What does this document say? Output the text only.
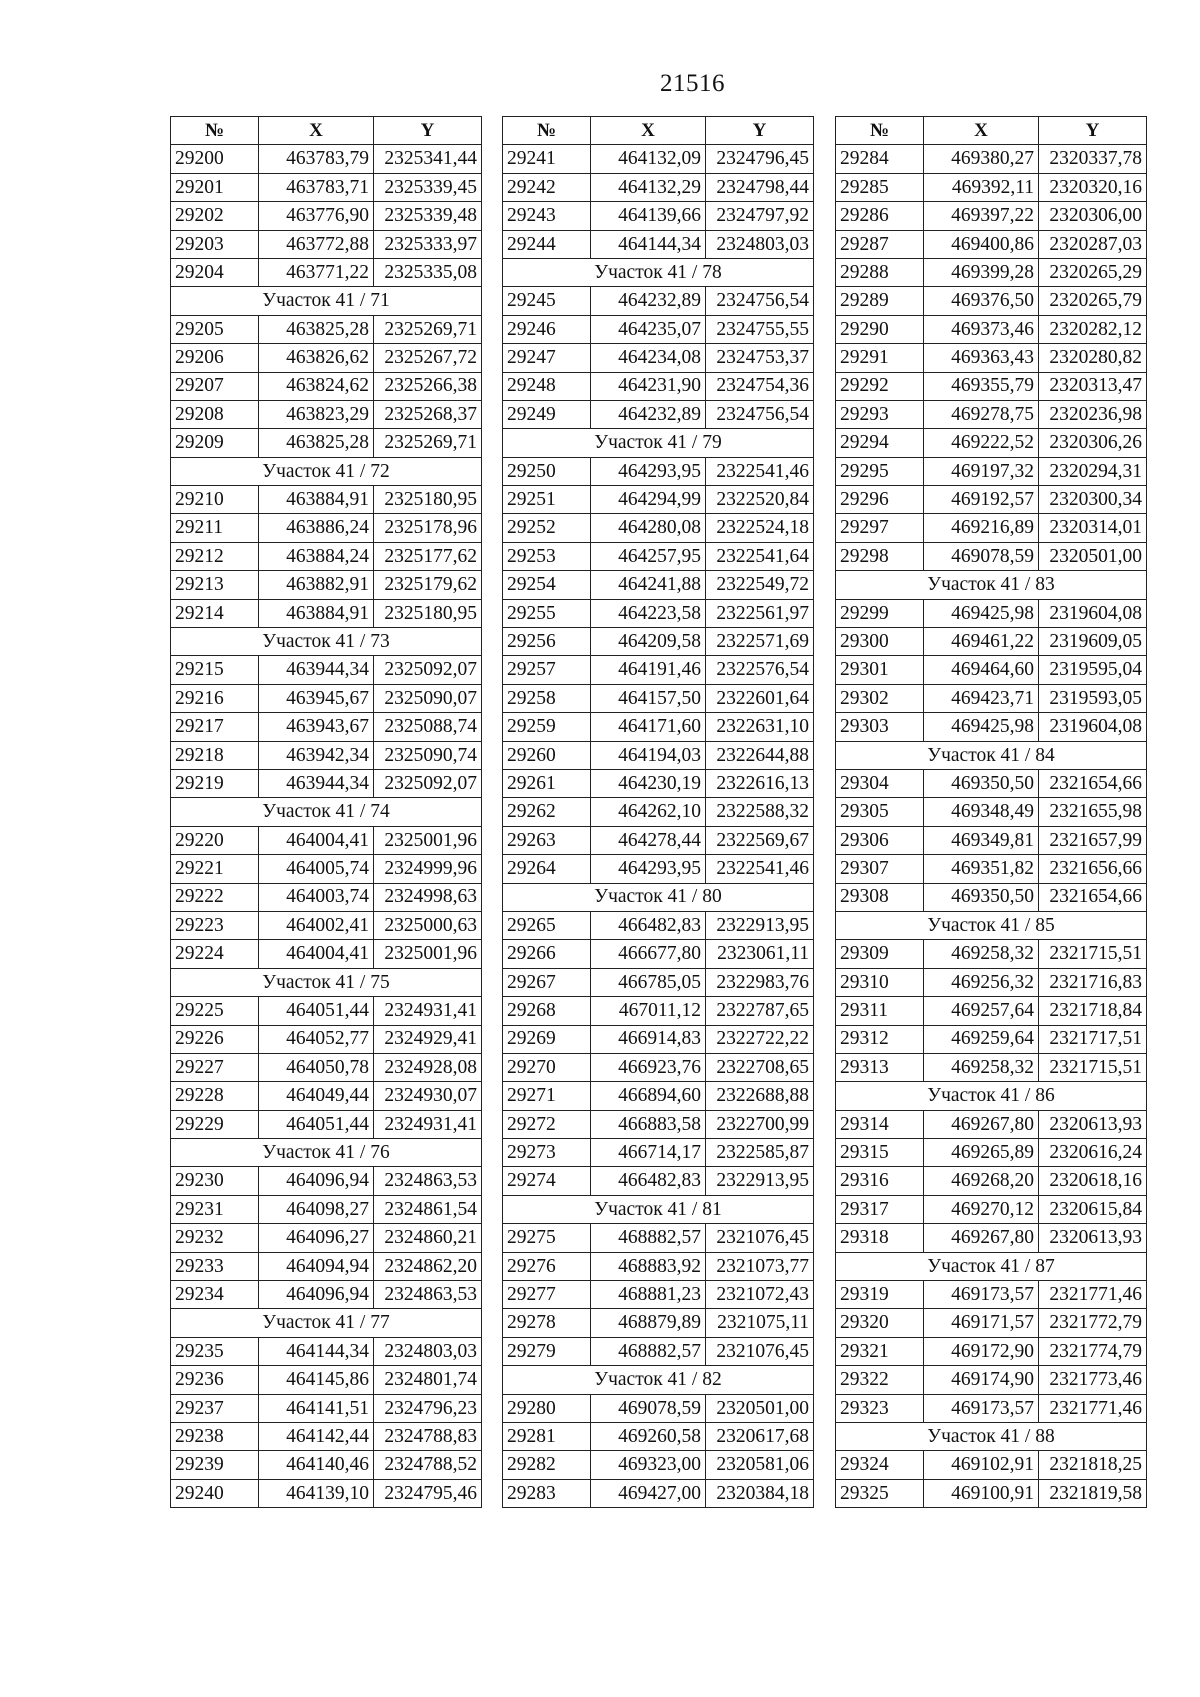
21516
№	X	Y
29200	463783,79	2325341,44
29201	463783,71	2325339,45
29202	463776,90	2325339,48
29203	463772,88	2325333,97
29204	463771,22	2325335,08
Участок 41 / 71		
29205	463825,28	2325269,71
29206	463826,62	2325267,72
29207	463824,62	2325266,38
29208	463823,29	2325268,37
29209	463825,28	2325269,71
Участок 41 / 72		
29210	463884,91	2325180,95
29211	463886,24	2325178,96
29212	463884,24	2325177,62
29213	463882,91	2325179,62
29214	463884,91	2325180,95
Участок 41 / 73		
29215	463944,34	2325092,07
29216	463945,67	2325090,07
29217	463943,67	2325088,74
29218	463942,34	2325090,74
29219	463944,34	2325092,07
Участок 41 / 74		
29220	464004,41	2325001,96
29221	464005,74	2324999,96
29222	464003,74	2324998,63
29223	464002,41	2325000,63
29224	464004,41	2325001,96
Участок 41 / 75		
29225	464051,44	2324931,41
29226	464052,77	2324929,41
29227	464050,78	2324928,08
29228	464049,44	2324930,07
29229	464051,44	2324931,41
Участок 41 / 76		
29230	464096,94	2324863,53
29231	464098,27	2324861,54
29232	464096,27	2324860,21
29233	464094,94	2324862,20
29234	464096,94	2324863,53
Участок 41 / 77		
29235	464144,34	2324803,03
29236	464145,86	2324801,74
29237	464141,51	2324796,23
29238	464142,44	2324788,83
29239	464140,46	2324788,52
29240	464139,10	2324795,46
№	X	Y
29241	464132,09	2324796,45
29242	464132,29	2324798,44
29243	464139,66	2324797,92
29244	464144,34	2324803,03
Участок 41 / 78		
29245	464232,89	2324756,54
29246	464235,07	2324755,55
29247	464234,08	2324753,37
29248	464231,90	2324754,36
29249	464232,89	2324756,54
Участок 41 / 79		
29250	464293,95	2322541,46
29251	464294,99	2322520,84
29252	464280,08	2322524,18
29253	464257,95	2322541,64
29254	464241,88	2322549,72
29255	464223,58	2322561,97
29256	464209,58	2322571,69
29257	464191,46	2322576,54
29258	464157,50	2322601,64
29259	464171,60	2322631,10
29260	464194,03	2322644,88
29261	464230,19	2322616,13
29262	464262,10	2322588,32
29263	464278,44	2322569,67
29264	464293,95	2322541,46
Участок 41 / 80		
29265	466482,83	2322913,95
29266	466677,80	2323061,11
29267	466785,05	2322983,76
29268	467011,12	2322787,65
29269	466914,83	2322722,22
29270	466923,76	2322708,65
29271	466894,60	2322688,88
29272	466883,58	2322700,99
29273	466714,17	2322585,87
29274	466482,83	2322913,95
Участок 41 / 81		
29275	468882,57	2321076,45
29276	468883,92	2321073,77
29277	468881,23	2321072,43
29278	468879,89	2321075,11
29279	468882,57	2321076,45
Участок 41 / 82		
29280	469078,59	2320501,00
29281	469260,58	2320617,68
29282	469323,00	2320581,06
29283	469427,00	2320384,18
№	X	Y
29284	469380,27	2320337,78
29285	469392,11	2320320,16
29286	469397,22	2320306,00
29287	469400,86	2320287,03
29288	469399,28	2320265,29
29289	469376,50	2320265,79
29290	469373,46	2320282,12
29291	469363,43	2320280,82
29292	469355,79	2320313,47
29293	469278,75	2320236,98
29294	469222,52	2320306,26
29295	469197,32	2320294,31
29296	469192,57	2320300,34
29297	469216,89	2320314,01
29298	469078,59	2320501,00
Участок 41 / 83		
29299	469425,98	2319604,08
29300	469461,22	2319609,05
29301	469464,60	2319595,04
29302	469423,71	2319593,05
29303	469425,98	2319604,08
Участок 41 / 84		
29304	469350,50	2321654,66
29305	469348,49	2321655,98
29306	469349,81	2321657,99
29307	469351,82	2321656,66
29308	469350,50	2321654,66
Участок 41 / 85		
29309	469258,32	2321715,51
29310	469256,32	2321716,83
29311	469257,64	2321718,84
29312	469259,64	2321717,51
29313	469258,32	2321715,51
Участок 41 / 86		
29314	469267,80	2320613,93
29315	469265,89	2320616,24
29316	469268,20	2320618,16
29317	469270,12	2320615,84
29318	469267,80	2320613,93
Участок 41 / 87		
29319	469173,57	2321771,46
29320	469171,57	2321772,79
29321	469172,90	2321774,79
29322	469174,90	2321773,46
29323	469173,57	2321771,46
Участок 41 / 88		
29324	469102,91	2321818,25
29325	469100,91	2321819,58
